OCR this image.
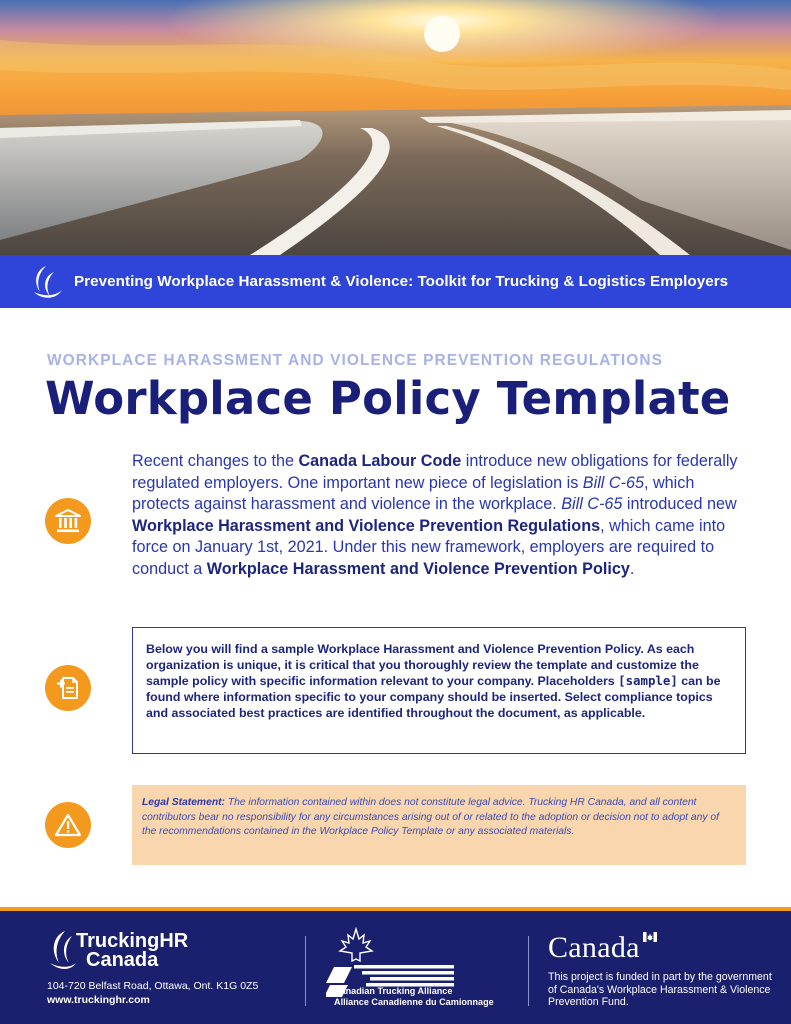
Preventing Workplace Harassment & Violence: Toolkit for Trucking & Logistics Employers
WORKPLACE HARASSMENT AND VIOLENCE PREVENTION REGULATIONS
Workplace Policy Template
Recent changes to the Canada Labour Code introduce new obligations for federally regulated employers. One important new piece of legislation is Bill C-65, which protects against harassment and violence in the workplace. Bill C-65 introduced new Workplace Harassment and Violence Prevention Regulations, which came into force on January 1st, 2021. Under this new framework, employers are required to conduct a Workplace Harassment and Violence Prevention Policy.
Below you will find a sample Workplace Harassment and Violence Prevention Policy. As each organization is unique, it is critical that you thoroughly review the template and customize the sample policy with specific information relevant to your company. Placeholders [sample] can be found where information specific to your company should be inserted. Select compliance topics and associated best practices are identified throughout the document, as applicable.
Legal Statement: The information contained within does not constitute legal advice. Trucking HR Canada, and all content contributors bear no responsibility for any circumstances arising out of or related to the adoption or decision not to adopt any of the recommendations contained in the Workplace Policy Template or any associated materials.
TruckingHR
Canada
104-720 Belfast Road, Ottawa, Ont. K1G 0Z5
www.truckinghr.com
Canadian Trucking Alliance
Alliance Canadienne du Camionnage
Canada
This project is funded in part by the government of Canada's Workplace Harassment & Violence Prevention Fund.
